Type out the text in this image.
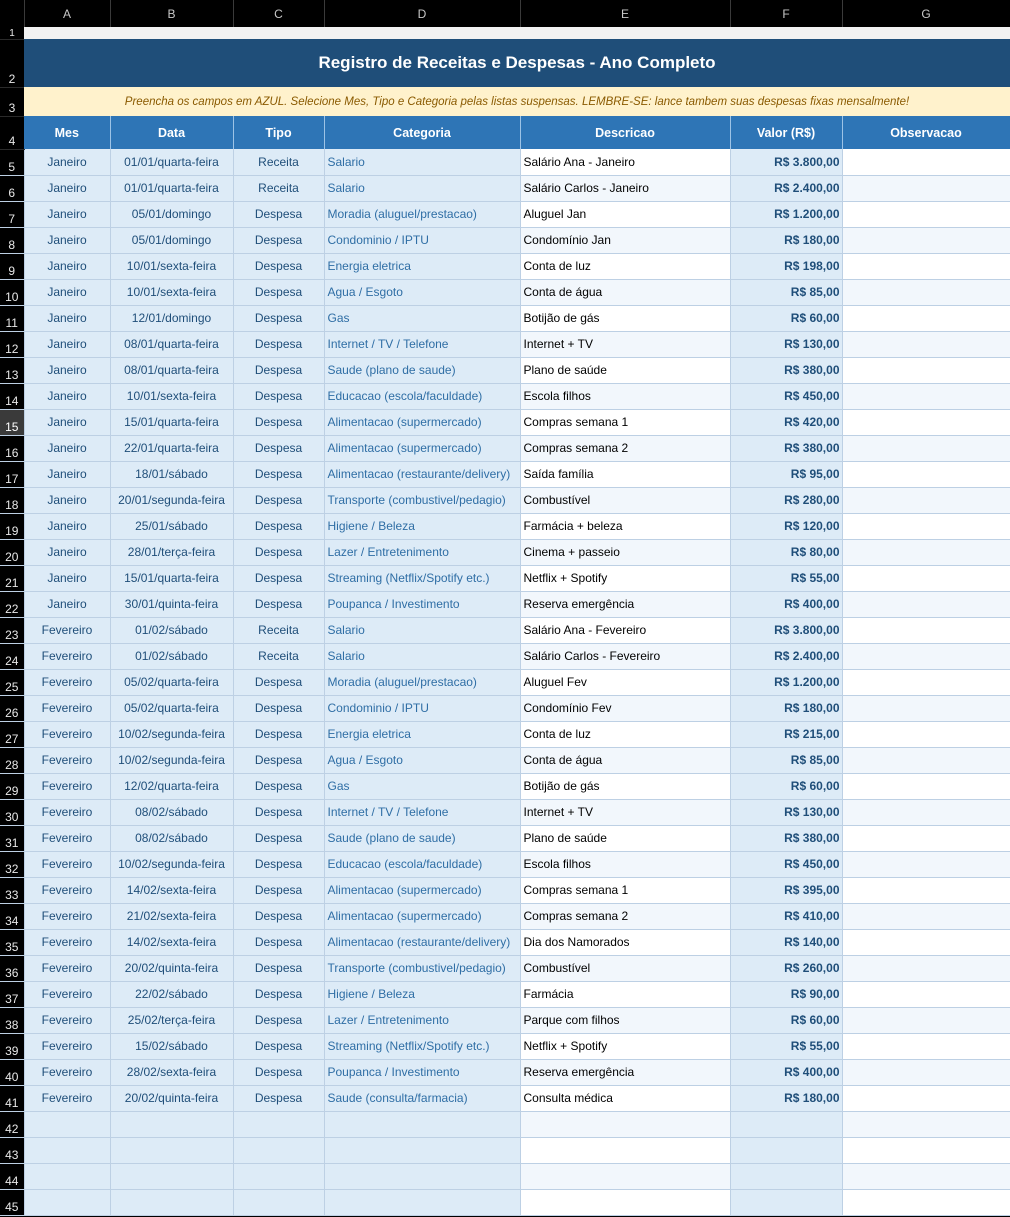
	A	B	C	D	E	F	G
1							
2	Registro de Receitas e Despesas - Ano Completo						
3	Preencha os campos em AZUL. Selecione Mes, Tipo e Categoria pelas listas suspensas. LEMBRE-SE: lance tambem suas despesas fixas mensalmente!						
4	Mes	Data	Tipo	Categoria	Descricao	Valor (R$)	Observacao
5	Janeiro	01/01/quarta-feira	Receita	Salario	Salário Ana - Janeiro	R$ 3.800,00	
6	Janeiro	01/01/quarta-feira	Receita	Salario	Salário Carlos - Janeiro	R$ 2.400,00	
7	Janeiro	05/01/domingo	Despesa	Moradia (aluguel/prestacao)	Aluguel Jan	R$ 1.200,00	
8	Janeiro	05/01/domingo	Despesa	Condominio / IPTU	Condomínio Jan	R$ 180,00	
9	Janeiro	10/01/sexta-feira	Despesa	Energia eletrica	Conta de luz	R$ 198,00	
10	Janeiro	10/01/sexta-feira	Despesa	Agua / Esgoto	Conta de água	R$ 85,00	
11	Janeiro	12/01/domingo	Despesa	Gas	Botijão de gás	R$ 60,00	
12	Janeiro	08/01/quarta-feira	Despesa	Internet / TV / Telefone	Internet + TV	R$ 130,00	
13	Janeiro	08/01/quarta-feira	Despesa	Saude (plano de saude)	Plano de saúde	R$ 380,00	
14	Janeiro	10/01/sexta-feira	Despesa	Educacao (escola/faculdade)	Escola filhos	R$ 450,00	
15	Janeiro	15/01/quarta-feira	Despesa	Alimentacao (supermercado)	Compras semana 1	R$ 420,00	
16	Janeiro	22/01/quarta-feira	Despesa	Alimentacao (supermercado)	Compras semana 2	R$ 380,00	
17	Janeiro	18/01/sábado	Despesa	Alimentacao (restaurante/delivery)	Saída família	R$ 95,00	
18	Janeiro	20/01/segunda-feira	Despesa	Transporte (combustivel/pedagio)	Combustível	R$ 280,00	
19	Janeiro	25/01/sábado	Despesa	Higiene / Beleza	Farmácia + beleza	R$ 120,00	
20	Janeiro	28/01/terça-feira	Despesa	Lazer / Entretenimento	Cinema + passeio	R$ 80,00	
21	Janeiro	15/01/quarta-feira	Despesa	Streaming (Netflix/Spotify etc.)	Netflix + Spotify	R$ 55,00	
22	Janeiro	30/01/quinta-feira	Despesa	Poupanca / Investimento	Reserva emergência	R$ 400,00	
23	Fevereiro	01/02/sábado	Receita	Salario	Salário Ana - Fevereiro	R$ 3.800,00	
24	Fevereiro	01/02/sábado	Receita	Salario	Salário Carlos - Fevereiro	R$ 2.400,00	
25	Fevereiro	05/02/quarta-feira	Despesa	Moradia (aluguel/prestacao)	Aluguel Fev	R$ 1.200,00	
26	Fevereiro	05/02/quarta-feira	Despesa	Condominio / IPTU	Condomínio Fev	R$ 180,00	
27	Fevereiro	10/02/segunda-feira	Despesa	Energia eletrica	Conta de luz	R$ 215,00	
28	Fevereiro	10/02/segunda-feira	Despesa	Agua / Esgoto	Conta de água	R$ 85,00	
29	Fevereiro	12/02/quarta-feira	Despesa	Gas	Botijão de gás	R$ 60,00	
30	Fevereiro	08/02/sábado	Despesa	Internet / TV / Telefone	Internet + TV	R$ 130,00	
31	Fevereiro	08/02/sábado	Despesa	Saude (plano de saude)	Plano de saúde	R$ 380,00	
32	Fevereiro	10/02/segunda-feira	Despesa	Educacao (escola/faculdade)	Escola filhos	R$ 450,00	
33	Fevereiro	14/02/sexta-feira	Despesa	Alimentacao (supermercado)	Compras semana 1	R$ 395,00	
34	Fevereiro	21/02/sexta-feira	Despesa	Alimentacao (supermercado)	Compras semana 2	R$ 410,00	
35	Fevereiro	14/02/sexta-feira	Despesa	Alimentacao (restaurante/delivery)	Dia dos Namorados	R$ 140,00	
36	Fevereiro	20/02/quinta-feira	Despesa	Transporte (combustivel/pedagio)	Combustível	R$ 260,00	
37	Fevereiro	22/02/sábado	Despesa	Higiene / Beleza	Farmácia	R$ 90,00	
38	Fevereiro	25/02/terça-feira	Despesa	Lazer / Entretenimento	Parque com filhos	R$ 60,00	
39	Fevereiro	15/02/sábado	Despesa	Streaming (Netflix/Spotify etc.)	Netflix + Spotify	R$ 55,00	
40	Fevereiro	28/02/sexta-feira	Despesa	Poupanca / Investimento	Reserva emergência	R$ 400,00	
41	Fevereiro	20/02/quinta-feira	Despesa	Saude (consulta/farmacia)	Consulta médica	R$ 180,00	
42							
43							
44							
45							
